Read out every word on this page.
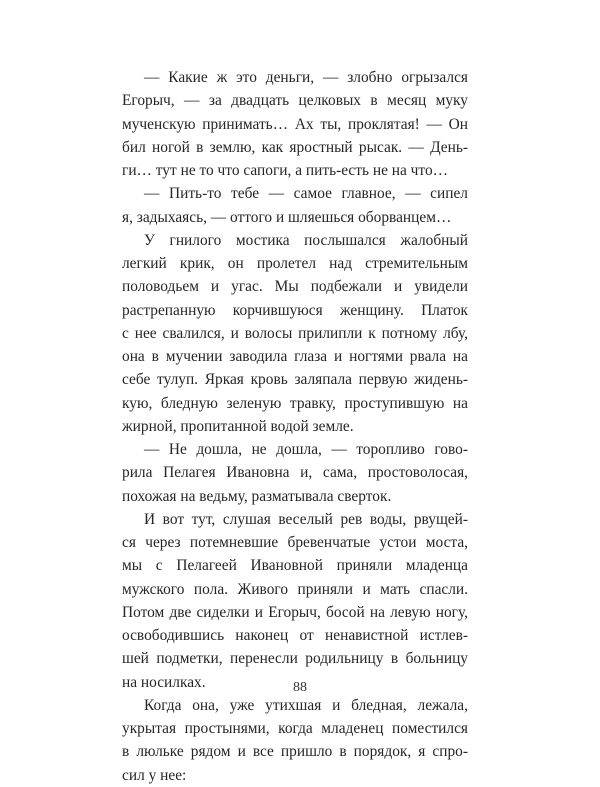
— Какие ж это деньги, — злобно огрызался
Егорыч, — за двадцать целковых в месяц муку
мученскую принимать… Ах ты, проклятая! — Он
бил ногой в землю, как яростный рысак. — День-
ги… тут не то что сапоги, а пить-есть не на что…
— Пить-то тебе — самое главное, — сипел
я, задыхаясь, — оттого и шляешься оборванцем…
У гнилого мостика послышался жалобный
легкий крик, он пролетел над стремительным
половодьем и угас. Мы подбежали и увидели
растрепанную корчившуюся женщину. Платок
с нее свалился, и волосы прилипли к потному лбу,
она в мучении заводила глаза и ногтями рвала на
себе тулуп. Яркая кровь заляпала первую жидень-
кую, бледную зеленую травку, проступившую на
жирной, пропитанной водой земле.
— Не дошла, не дошла, — торопливо гово-
рила Пелагея Ивановна и, сама, простоволосая,
похожая на ведьму, разматывала сверток.
И вот тут, слушая веселый рев воды, рвущей-
ся через потемневшие бревенчатые устои моста,
мы с Пелагеей Ивановной приняли младенца
мужского пола. Живого приняли и мать спасли.
Потом две сиделки и Егорыч, босой на левую ногу,
освободившись наконец от ненавистной истлев-
шей подметки, перенесли родильницу в больницу
на носилках.
Когда она, уже утихшая и бледная, лежала,
укрытая простынями, когда младенец поместился
в люльке рядом и все пришло в порядок, я спро-
сил у нее:
88
